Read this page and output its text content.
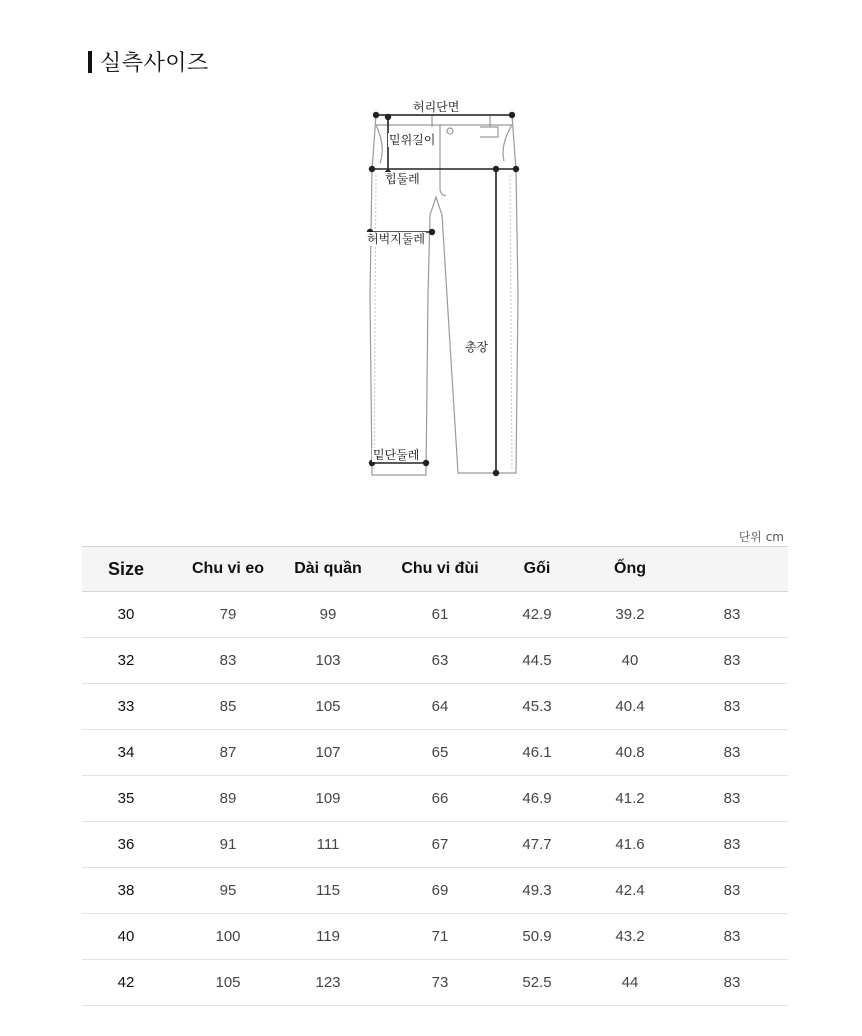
실측사이즈
허리단면
밑위길이
힙둘레
허벅지둘레
총장
밑단둘레
단위 cm
Size	Chu vi eo	Dài quần	Chu vi đùi	Gối	Ống
30	79	99	61	42.9	39.2	83
32	83	103	63	44.5	40	83
33	85	105	64	45.3	40.4	83
34	87	107	65	46.1	40.8	83
35	89	109	66	46.9	41.2	83
36	91	111	67	47.7	41.6	83
38	95	115	69	49.3	42.4	83
40	100	119	71	50.9	43.2	83
42	105	123	73	52.5	44	83
